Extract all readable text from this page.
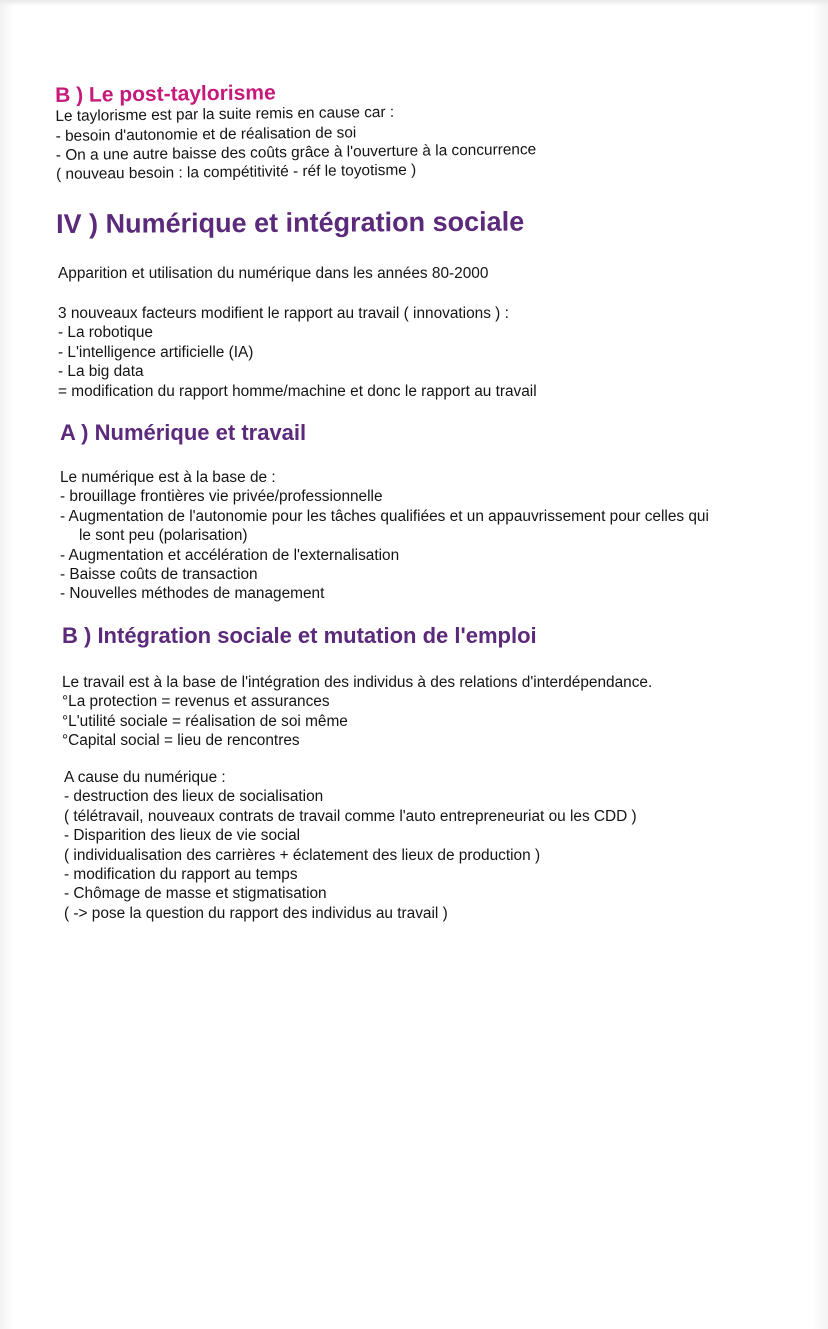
B ) Le post-taylorisme
Le taylorisme est par la suite remis en cause car :
- besoin d'autonomie et de réalisation de soi
- On a une autre baisse des coûts grâce à l'ouverture à la concurrence
( nouveau besoin : la compétitivité - réf le toyotisme )
IV ) Numérique et intégration sociale
Apparition et utilisation du numérique dans les années 80-2000
3 nouveaux facteurs modifient le rapport au travail ( innovations ) :
- La robotique
- L'intelligence artificielle (IA)
- La big data
= modification du rapport homme/machine et donc le rapport au travail
A ) Numérique et travail
Le numérique est à la base de :
- brouillage frontières vie privée/professionnelle
- Augmentation de l'autonomie pour les tâches qualifiées et un appauvrissement pour celles qui
le sont peu (polarisation)
- Augmentation et accélération de l'externalisation
- Baisse coûts de transaction
- Nouvelles méthodes de management
B ) Intégration sociale et mutation de l'emploi
Le travail est à la base de l'intégration des individus à des relations d'interdépendance.
°La protection = revenus et assurances
°L'utilité sociale = réalisation de soi même
°Capital social = lieu de rencontres
A cause du numérique :
- destruction des lieux de socialisation
( télétravail, nouveaux contrats de travail comme l'auto entrepreneuriat ou les CDD )
- Disparition des lieux de vie social
( individualisation des carrières + éclatement des lieux de production )
- modification du rapport au temps
- Chômage de masse et stigmatisation
( -> pose la question du rapport des individus au travail )
